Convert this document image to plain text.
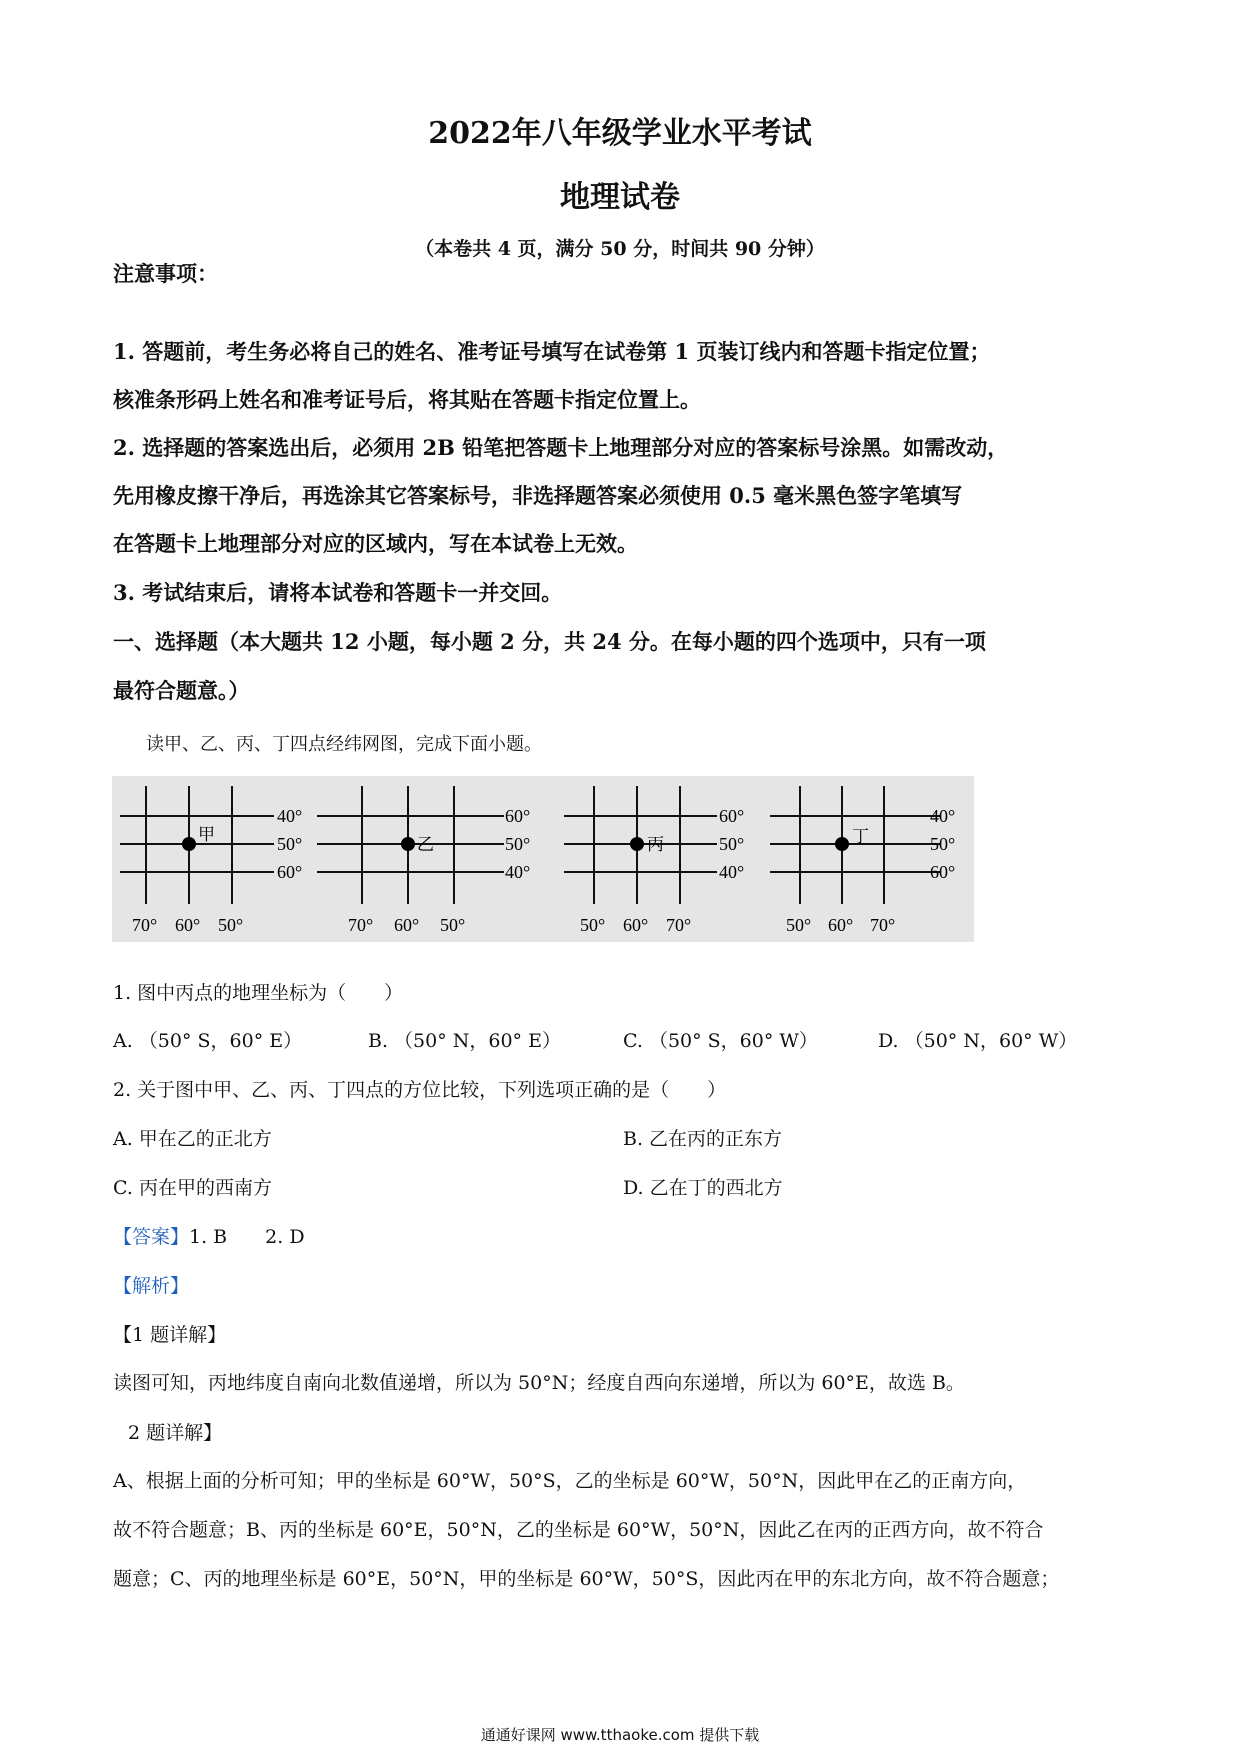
2022年八年级学业水平考试
地理试卷
（本卷共 4 页，满分 50 分，时间共 90 分钟）
注意事项：
1. 答题前，考生务必将自己的姓名、准考证号填写在试卷第 1 页装订线内和答题卡指定位置；
核准条形码上姓名和准考证号后，将其贴在答题卡指定位置上。
2. 选择题的答案选出后，必须用 2B 铅笔把答题卡上地理部分对应的答案标号涂黑。如需改动，
先用橡皮擦干净后，再选涂其它答案标号，非选择题答案必须使用 0.5 毫米黑色签字笔填写
在答题卡上地理部分对应的区域内，写在本试卷上无效。
3. 考试结束后，请将本试卷和答题卡一并交回。
一、选择题（本大题共 12 小题，每小题 2 分，共 24 分。在每小题的四个选项中，只有一项
最符合题意。）
读甲、乙、丙、丁四点经纬网图，完成下面小题。
甲
40°
50°
60°
70° 60° 50°
乙
60°
50°
40°
70° 60° 50°
丙
60°
50°
40°
50° 60° 70°
丁
40°
50°
60°
50° 60° 70°
1. 图中丙点的地理坐标为（　　）
A. （50° S，60° E）	B. （50° N，60° E）	C. （50° S，60° W）	D. （50° N，60° W）
2. 关于图中甲、乙、丙、丁四点的方位比较，下列选项正确的是（　　）
A. 甲在乙的正北方	B. 乙在丙的正东方
C. 丙在甲的西南方	D. 乙在丁的西北方
【答案】1. B　　2. D
【解析】
【1 题详解】
读图可知，丙地纬度自南向北数值递增，所以为 50°N；经度自西向东递增，所以为 60°E，故选 B。
2 题详解】
A、根据上面的分析可知；甲的坐标是 60°W，50°S，乙的坐标是 60°W，50°N，因此甲在乙的正南方向，
故不符合题意；B、丙的坐标是 60°E，50°N，乙的坐标是 60°W，50°N，因此乙在丙的正西方向，故不符合
题意；C、丙的地理坐标是 60°E，50°N，甲的坐标是 60°W，50°S，因此丙在甲的东北方向，故不符合题意；
通通好课网 www.tthaoke.com 提供下载
